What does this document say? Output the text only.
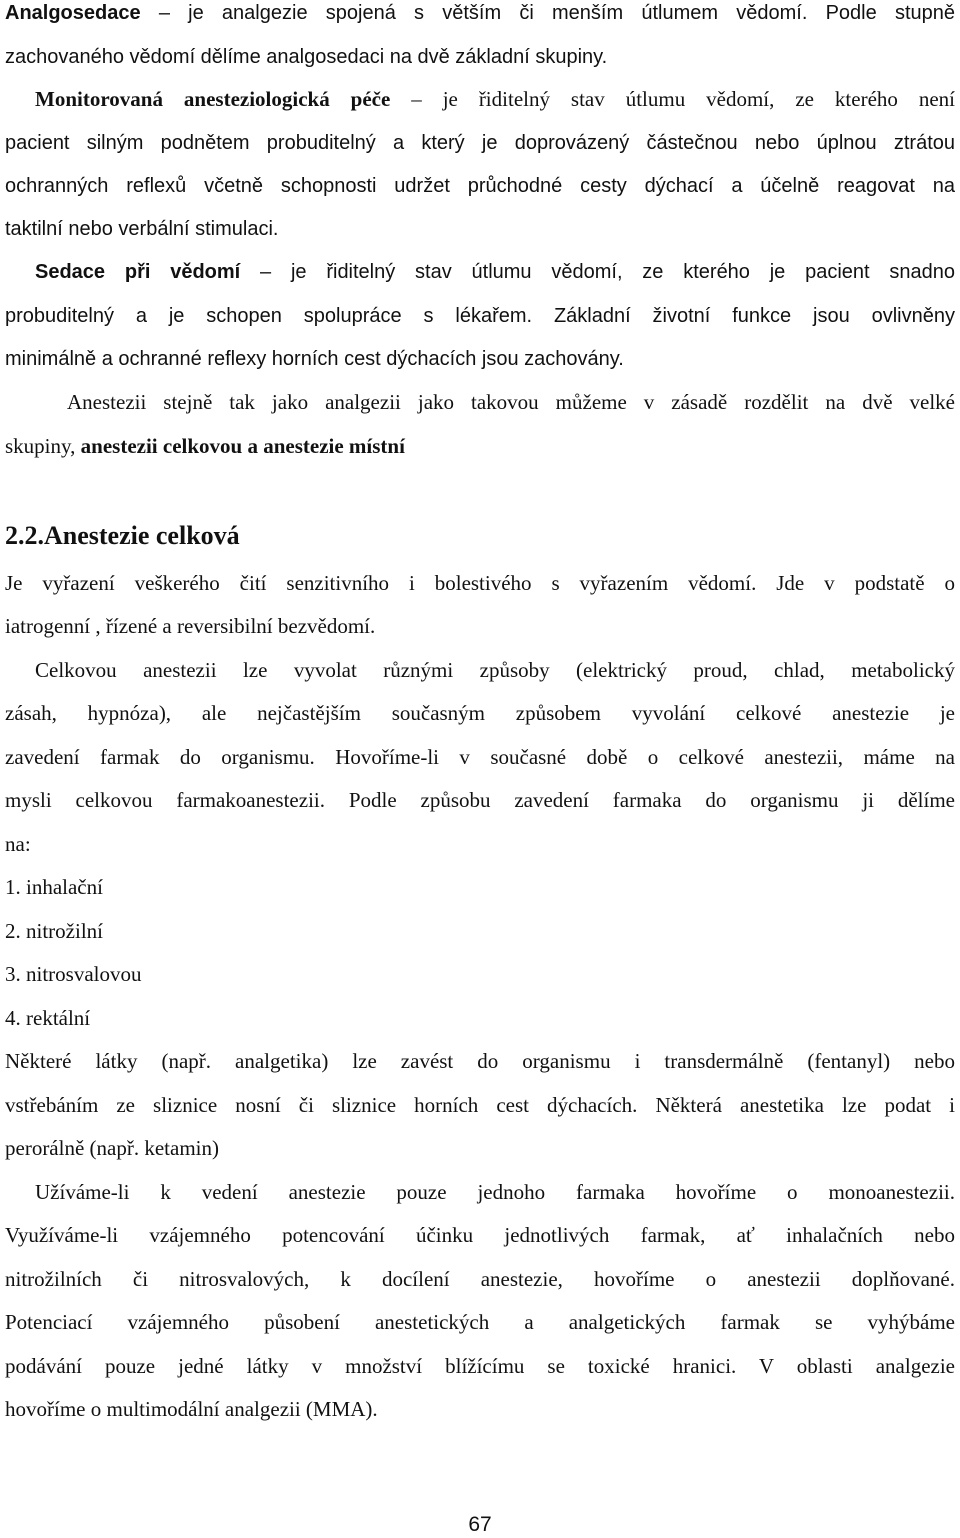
Analgosedace – je analgezie spojená s větším či menším útlumem vědomí. Podle stupně
zachovaného vědomí dělíme analgosedaci na dvě základní skupiny.
Monitorovaná anesteziologická péče – je řiditelný stav útlumu vědomí, ze kterého není
pacient silným podnětem probuditelný a který je doprovázený částečnou nebo úplnou ztrátou
ochranných reflexů včetně schopnosti udržet průchodné cesty dýchací a účelně reagovat na
taktilní nebo verbální stimulaci.
Sedace při vědomí – je řiditelný stav útlumu vědomí, ze kterého je pacient snadno
probuditelný a je schopen spolupráce s lékařem. Základní životní funkce jsou ovlivněny
minimálně a ochranné reflexy horních cest dýchacích jsou zachovány.
Anestezii stejně tak jako analgezii jako takovou můžeme v zásadě rozdělit na dvě velké
skupiny, anestezii celkovou a anestezie místní
2.2.Anestezie celková
Je vyřazení veškerého čití senzitivního i bolestivého s vyřazením vědomí. Jde v podstatě o
iatrogenní , řízené a reversibilní bezvědomí.
Celkovou anestezii lze vyvolat různými způsoby (elektrický proud, chlad, metabolický
zásah, hypnóza), ale nejčastějším současným způsobem vyvolání celkové anestezie je
zavedení farmak do organismu. Hovoříme-li v současné době o celkové anestezii, máme na
mysli celkovou farmakoanestezii. Podle způsobu zavedení farmaka do organismu ji dělíme
na:
1. inhalační
2. nitrožilní
3. nitrosvalovou
4. rektální
Některé látky (např. analgetika) lze zavést do organismu i transdermálně (fentanyl) nebo
vstřebáním ze sliznice nosní či sliznice horních cest dýchacích. Některá anestetika lze podat i
perorálně (např. ketamin)
Užíváme-li k vedení anestezie pouze jednoho farmaka hovoříme o monoanestezii.
Využíváme-li vzájemného potencování účinku jednotlivých farmak, ať inhalačních nebo
nitrožilních či nitrosvalových, k docílení anestezie, hovoříme o anestezii doplňované.
Potenciací vzájemného působení anestetických a analgetických farmak se vyhýbáme
podávání pouze jedné látky v množství blížícímu se toxické hranici. V oblasti analgezie
hovoříme o multimodální analgezii (MMA).
67
